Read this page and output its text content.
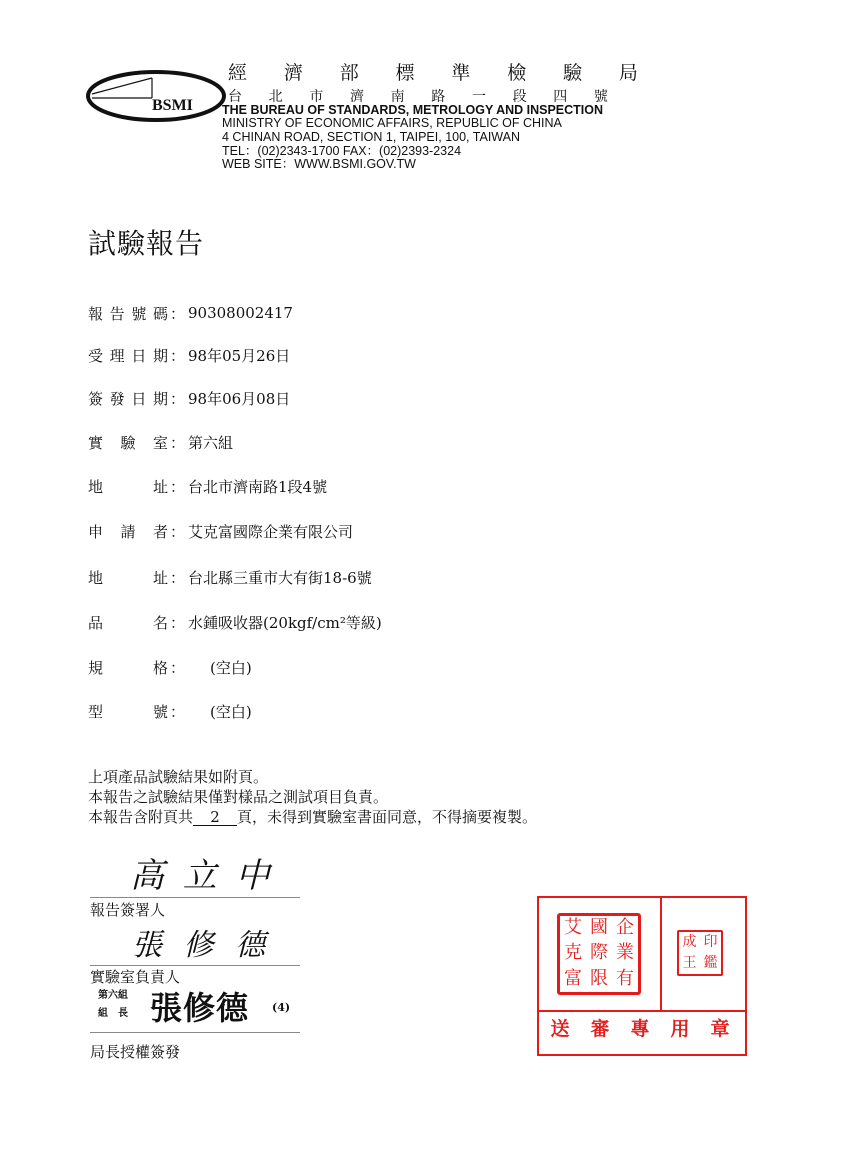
BSMI
經 濟 部 標 準 檢 驗 局
台 北 市 濟 南 路 一 段 四 號
THE BUREAU OF STANDARDS, METROLOGY AND INSPECTION
MINISTRY OF ECONOMIC AFFAIRS, REPUBLIC OF CHINA
4 CHINAN ROAD, SECTION 1, TAIPEI, 100, TAIWAN
TEL：(02)2343-1700 FAX：(02)2393-2324
WEB SITE：WWW.BSMI.GOV.TW
試驗報告
報 告 號 碼 ： 90308002417
受 理 日 期 ： 98年05月26日
簽 發 日 期 ： 98年06月08日
實 驗 室 ： 第六組
地	址 ： 台北市濟南路1段4號
申 請 者 ： 艾克富國際企業有限公司
地	址 ： 台北縣三重市大有街18-6號
品	名 ： 水鍾吸收器(20kgf/cm²等級)
規	格 ： (空白)
型	號 ： (空白)
上項產品試驗結果如附頁。
本報告之試驗結果僅對樣品之測試項目負責。
本報告含附頁共 2 頁，未得到實驗室書面同意，不得摘要複製。
高 立 中
報告簽署人
張 修 德
實驗室負責人
第六組
組　長 張修德 (4)
局長授權簽發
艾 國 企
克 際 業
富 限 有
成 印
王 鑑
送 審 專 用 章
